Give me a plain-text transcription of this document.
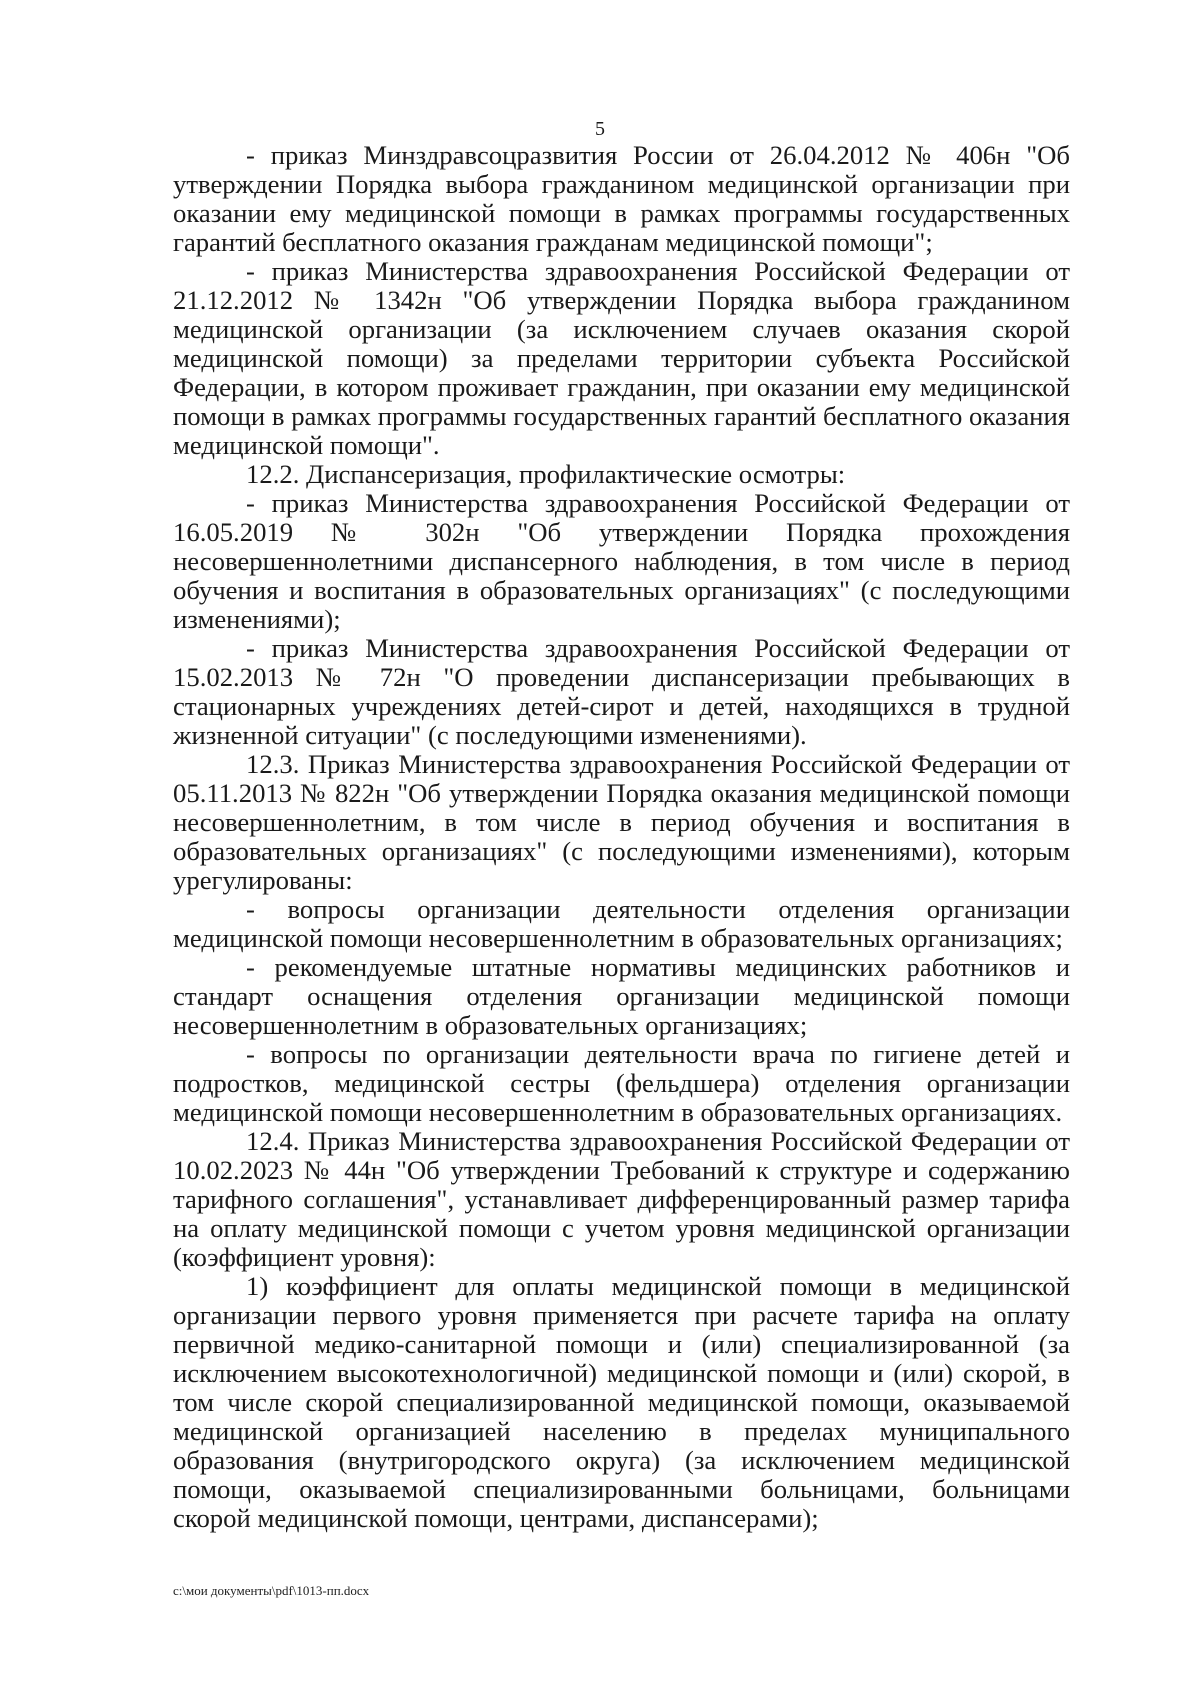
5

- приказ Минздравсоцразвития России от 26.04.2012 № 406н "Об утверждении Порядка выбора гражданином медицинской организации при оказании ему медицинской помощи в рамках программы государственных гарантий бесплатного оказания гражданам медицинской помощи";

- приказ Министерства здравоохранения Российской Федерации от 21.12.2012 № 1342н "Об утверждении Порядка выбора гражданином медицинской организации (за исключением случаев оказания скорой медицинской помощи) за пределами территории субъекта Российской Федерации, в котором проживает гражданин, при оказании ему медицинской помощи в рамках программы государственных гарантий бесплатного оказания медицинской помощи".

12.2. Диспансеризация, профилактические осмотры:

- приказ Министерства здравоохранения Российской Федерации от 16.05.2019 № 302н "Об утверждении Порядка прохождения несовершеннолетними диспансерного наблюдения, в том числе в период обучения и воспитания в образовательных организациях" (с последующими изменениями);

- приказ Министерства здравоохранения Российской Федерации от 15.02.2013 № 72н "О проведении диспансеризации пребывающих в стационарных учреждениях детей-сирот и детей, находящихся в трудной жизненной ситуации" (с последующими изменениями).

12.3. Приказ Министерства здравоохранения Российской Федерации от 05.11.2013 № 822н "Об утверждении Порядка оказания медицинской помощи несовершеннолетним, в том числе в период обучения и воспитания в образовательных организациях" (с последующими изменениями), которым урегулированы:

- вопросы организации деятельности отделения организации медицинской помощи несовершеннолетним в образовательных организациях;

- рекомендуемые штатные нормативы медицинских работников и стандарт оснащения отделения организации медицинской помощи несовершеннолетним в образовательных организациях;

- вопросы по организации деятельности врача по гигиене детей и подростков, медицинской сестры (фельдшера) отделения организации медицинской помощи несовершеннолетним в образовательных организациях.

12.4. Приказ Министерства здравоохранения Российской Федерации от 10.02.2023 № 44н "Об утверждении Требований к структуре и содержанию тарифного соглашения", устанавливает дифференцированный размер тарифа на оплату медицинской помощи с учетом уровня медицинской организации (коэффициент уровня):

1) коэффициент для оплаты медицинской помощи в медицинской организации первого уровня применяется при расчете тарифа на оплату первичной медико-санитарной помощи и (или) специализированной (за исключением высокотехнологичной) медицинской помощи и (или) скорой, в том числе скорой специализированной медицинской помощи, оказываемой медицинской организацией населению в пределах муниципального образования (внутригородского округа) (за исключением медицинской помощи, оказываемой специализированными больницами, больницами скорой медицинской помощи, центрами, диспансерами);

c:\мои документы\pdf\1013-пп.docx
